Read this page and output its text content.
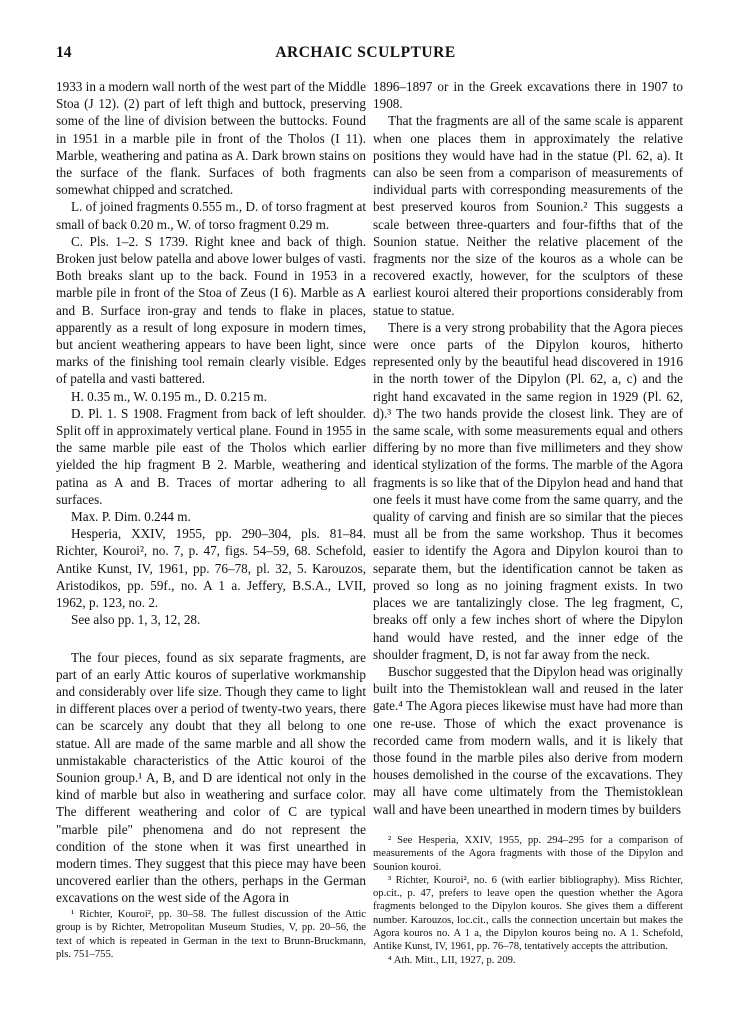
14	ARCHAIC SCULPTURE

1933 in a modern wall north of the west part of the Middle Stoa (J 12). (2) part of left thigh and buttock, preserving some of the line of division between the buttocks. Found in 1951 in a marble pile in front of the Tholos (I 11). Marble, weathering and patina as A. Dark brown stains on the surface of the flank. Surfaces of both fragments somewhat chipped and scratched.

L. of joined fragments 0.555 m., D. of torso fragment at small of back 0.20 m., W. of torso fragment 0.29 m.

C. Pls. 1–2. S 1739. Right knee and back of thigh. Broken just below patella and above lower bulges of vasti. Both breaks slant up to the back. Found in 1953 in a marble pile in front of the Stoa of Zeus (I 6). Marble as A and B. Surface iron-gray and tends to flake in places, apparently as a result of long exposure in modern times, but ancient weathering appears to have been light, since marks of the finishing tool remain clearly visible. Edges of patella and vasti battered.

H. 0.35 m., W. 0.195 m., D. 0.215 m.

D. Pl. 1. S 1908. Fragment from back of left shoulder. Split off in approximately vertical plane. Found in 1955 in the same marble pile east of the Tholos which earlier yielded the hip fragment B 2. Marble, weathering and patina as A and B. Traces of mortar adhering to all surfaces.

Max. P. Dim. 0.244 m.

Hesperia, XXIV, 1955, pp. 290–304, pls. 81–84. Richter, Kouroi², no. 7, p. 47, figs. 54–59, 68. Schefold, Antike Kunst, IV, 1961, pp. 76–78, pl. 32, 5. Karouzos, Aristodikos, pp. 59f., no. A 1 a. Jeffery, B.S.A., LVII, 1962, p. 123, no. 2.

See also pp. 1, 3, 12, 28.

The four pieces, found as six separate fragments, are part of an early Attic kouros of superlative workmanship and considerably over life size. Though they came to light in different places over a period of twenty-two years, there can be scarcely any doubt that they all belong to one statue. All are made of the same marble and all show the unmistakable characteristics of the Attic kouroi of the Sounion group.¹ A, B, and D are identical not only in the kind of marble but also in weathering and surface color. The different weathering and color of C are typical "marble pile" phenomena and do not represent the condition of the stone when it was first unearthed in modern times. They suggest that this piece may have been uncovered earlier than the others, perhaps in the German excavations on the west side of the Agora in

¹ Richter, Kouroi², pp. 30–58. The fullest discussion of the Attic group is by Richter, Metropolitan Museum Studies, V, pp. 20–56, the text of which is repeated in German in the text to Brunn-Bruckmann, pls. 751–755.

1896–1897 or in the Greek excavations there in 1907 to 1908.

That the fragments are all of the same scale is apparent when one places them in approximately the relative positions they would have had in the statue (Pl. 62, a). It can also be seen from a comparison of measurements of individual parts with corresponding measurements of the best preserved kouros from Sounion.² This suggests a scale between three-quarters and four-fifths that of the Sounion statue. Neither the relative placement of the fragments nor the size of the kouros as a whole can be recovered exactly, however, for the sculptors of these earliest kouroi altered their proportions considerably from statue to statue.

There is a very strong probability that the Agora pieces were once parts of the Dipylon kouros, hitherto represented only by the beautiful head discovered in 1916 in the north tower of the Dipylon (Pl. 62, a, c) and the right hand excavated in the same region in 1929 (Pl. 62, d).³ The two hands provide the closest link. They are of the same scale, with some measurements equal and others differing by no more than five millimeters and they show identical stylization of the forms. The marble of the Agora fragments is so like that of the Dipylon head and hand that one feels it must have come from the same quarry, and the quality of carving and finish are so similar that the pieces must all be from the same workshop. Thus it becomes easier to identify the Agora and Dipylon kouroi than to separate them, but the identification cannot be taken as proved so long as no joining fragment exists. In two places we are tantalizingly close. The leg fragment, C, breaks off only a few inches short of where the Dipylon hand would have rested, and the inner edge of the shoulder fragment, D, is not far away from the neck.

Buschor suggested that the Dipylon head was originally built into the Themistoklean wall and reused in the later gate.⁴ The Agora pieces likewise must have had more than one re-use. Those of which the exact provenance is recorded came from modern walls, and it is likely that those found in the marble piles also derive from modern houses demolished in the course of the excavations. They may all have come ultimately from the Themistoklean wall and have been unearthed in modern times by builders

² See Hesperia, XXIV, 1955, pp. 294–295 for a comparison of measurements of the Agora fragments with those of the Dipylon and Sounion kouroi.

³ Richter, Kouroi², no. 6 (with earlier bibliography). Miss Richter, op.cit., p. 47, prefers to leave open the question whether the Agora fragments belonged to the Dipylon kouros. She gives them a different number. Karouzos, loc.cit., calls the connection uncertain but makes the Agora kouros no. A 1 a, the Dipylon kouros being no. A 1. Schefold, Antike Kunst, IV, 1961, pp. 76–78, tentatively accepts the attribution.

⁴ Ath. Mitt., LII, 1927, p. 209.
